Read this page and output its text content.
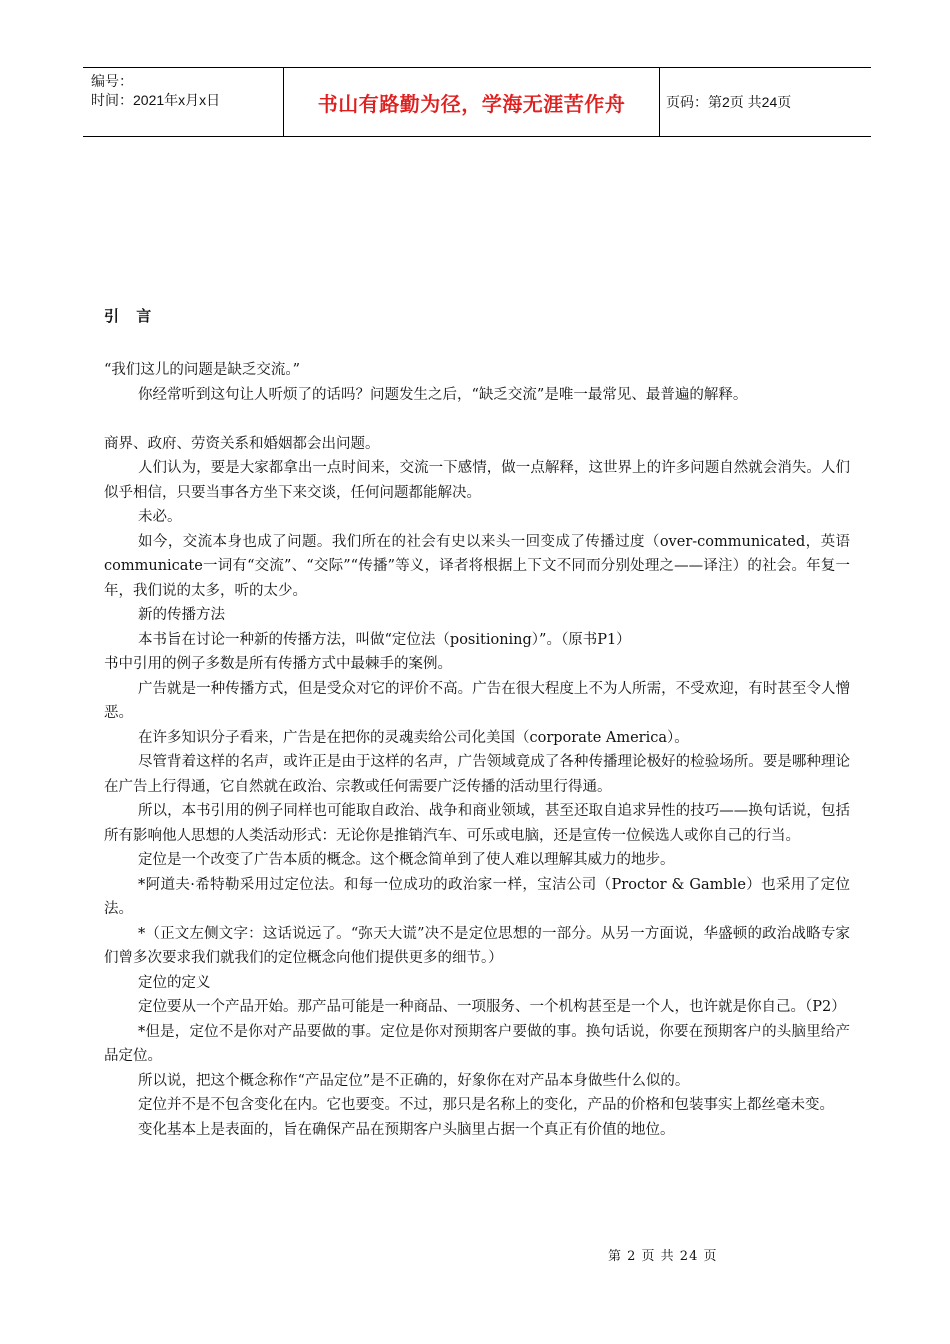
编号：
时间：2021年x月x日	书山有路勤为径，学海无涯苦作舟	页码：第2页 共24页
引 言

“我们这儿的问题是缺乏交流。”

你经常听到这句让人听烦了的话吗？问题发生之后，“缺乏交流”是唯一最常见、最普遍的解释。

商界、政府、劳资关系和婚姻都会出问题。

人们认为，要是大家都拿出一点时间来，交流一下感情，做一点解释，这世界上的许多问题自然就会消失。人们似乎相信，只要当事各方坐下来交谈，任何问题都能解决。

未必。

如今，交流本身也成了问题。我们所在的社会有史以来头一回变成了传播过度（over-communicated，英语communicate一词有“交流”、“交际”“传播”等义，译者将根据上下文不同而分别处理之——译注）的社会。年复一年，我们说的太多，听的太少。

新的传播方法

本书旨在讨论一种新的传播方法，叫做“定位法（positioning）”。（原书P1）

书中引用的例子多数是所有传播方式中最棘手的案例。

广告就是一种传播方式，但是受众对它的评价不高。广告在很大程度上不为人所需，不受欢迎，有时甚至令人憎恶。

在许多知识分子看来，广告是在把你的灵魂卖给公司化美国（corporate America）。

尽管背着这样的名声，或许正是由于这样的名声，广告领域竟成了各种传播理论极好的检验场所。要是哪种理论在广告上行得通，它自然就在政治、宗教或任何需要广泛传播的活动里行得通。

所以，本书引用的例子同样也可能取自政治、战争和商业领域，甚至还取自追求异性的技巧——换句话说，包括所有影响他人思想的人类活动形式：无论你是推销汽车、可乐或电脑，还是宣传一位候选人或你自己的行当。

定位是一个改变了广告本质的概念。这个概念简单到了使人难以理解其威力的地步。

*阿道夫·希特勒采用过定位法。和每一位成功的政治家一样，宝洁公司（Proctor & Gamble）也采用了定位法。

*（正文左侧文字：这话说远了。“弥天大谎”决不是定位思想的一部分。从另一方面说，华盛顿的政治战略专家们曾多次要求我们就我们的定位概念向他们提供更多的细节。）

定位的定义

定位要从一个产品开始。那产品可能是一种商品、一项服务、一个机构甚至是一个人，也许就是你自己。（P2）

*但是，定位不是你对产品要做的事。定位是你对预期客户要做的事。换句话说，你要在预期客户的头脑里给产品定位。

所以说，把这个概念称作“产品定位”是不正确的，好象你在对产品本身做些什么似的。

定位并不是不包含变化在内。它也要变。不过，那只是名称上的变化，产品的价格和包装事实上都丝毫未变。

变化基本上是表面的，旨在确保产品在预期客户头脑里占据一个真正有价值的地位。

第 2 页 共 24 页
